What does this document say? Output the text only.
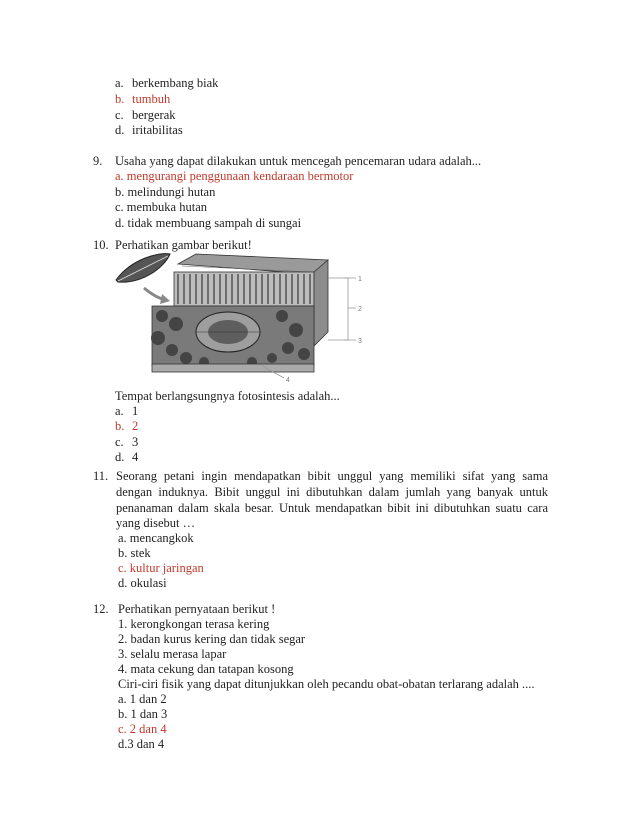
a. berkembang biak
b. tumbuh
c. bergerak
d. iritabilitas
9. Usaha yang dapat dilakukan untuk mencegah pencemaran udara adalah...
a. mengurangi penggunaan kendaraan bermotor
b. melindungi hutan
c. membuka hutan
d. tidak membuang sampah di sungai
10. Perhatikan gambar berikut!
1
2
3
4
Tempat berlangsungnya fotosintesis adalah...
a. 1
b. 2
c. 3
d. 4
11. Seorang petani ingin mendapatkan bibit unggul yang memiliki sifat yang sama
dengan induknya. Bibit unggul ini dibutuhkan dalam jumlah yang banyak untuk
penanaman dalam skala besar. Untuk mendapatkan bibit ini dibutuhkan suatu cara
yang disebut …
a. mencangkok
b. stek
c. kultur jaringan
d. okulasi
12. Perhatikan pernyataan berikut !
1. kerongkongan terasa kering
2. badan kurus kering dan tidak segar
3. selalu merasa lapar
4. mata cekung dan tatapan kosong
Ciri-ciri fisik yang dapat ditunjukkan oleh pecandu obat-obatan terlarang adalah ....
a. 1 dan 2
b. 1 dan 3
c. 2 dan 4
d.3 dan 4
